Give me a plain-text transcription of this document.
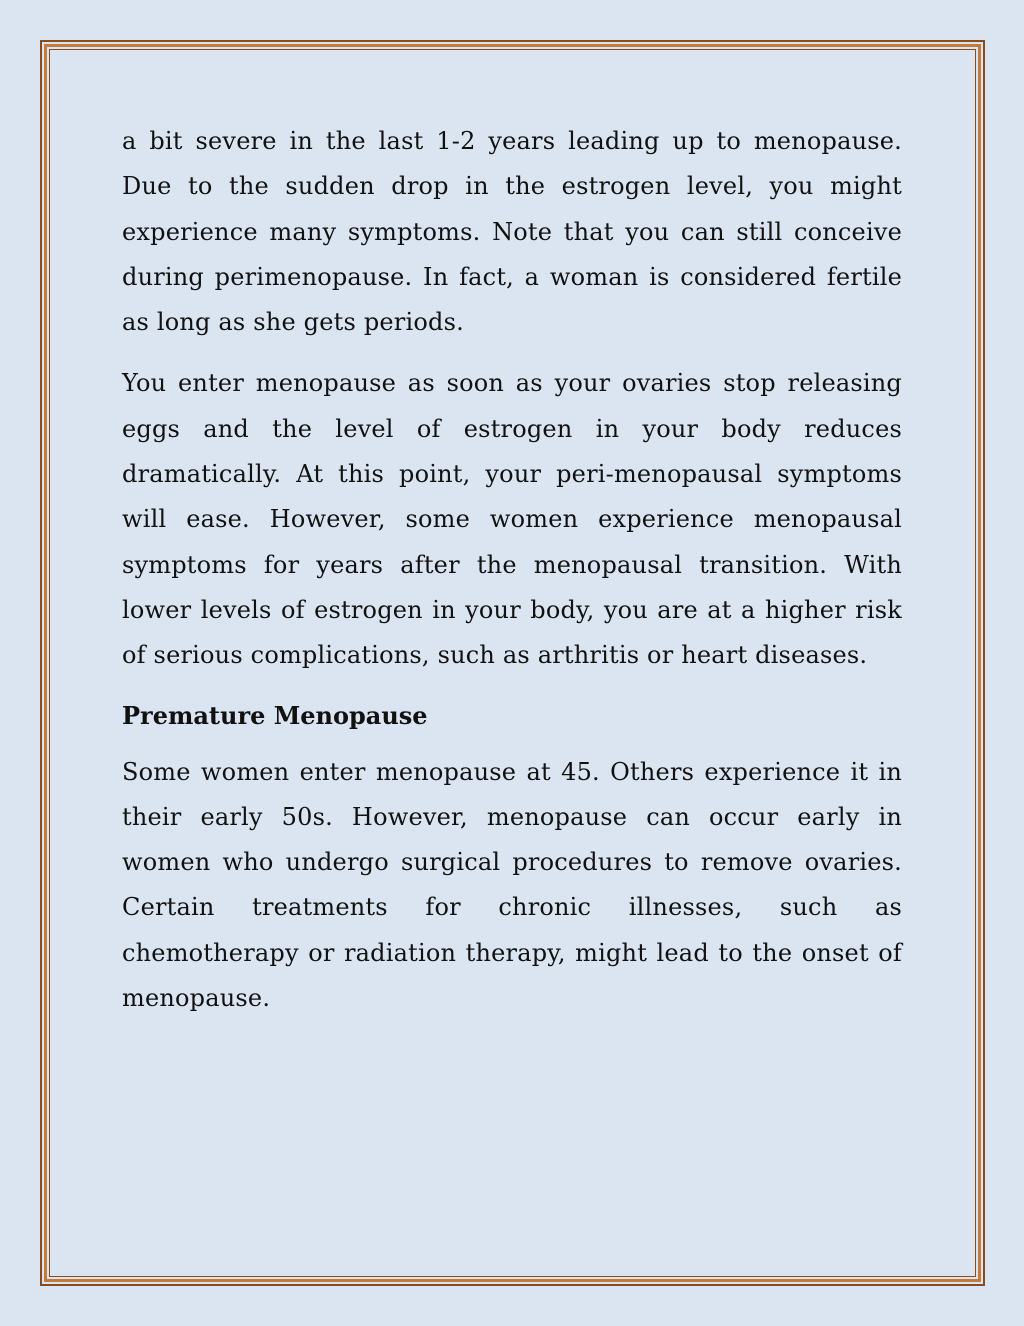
a bit severe in the last 1-2 years leading up to menopause. Due to the sudden drop in the estrogen level, you might experience many symptoms. Note that you can still conceive during perimenopause. In fact, a woman is considered fertile as long as she gets periods.

You enter menopause as soon as your ovaries stop releasing eggs and the level of estrogen in your body reduces dramatically. At this point, your peri-menopausal symptoms will ease. However, some women experience menopausal symptoms for years after the menopausal transition. With lower levels of estrogen in your body, you are at a higher risk of serious complications, such as arthritis or heart diseases.

Premature Menopause

Some women enter menopause at 45. Others experience it in their early 50s. However, menopause can occur early in women who undergo surgical procedures to remove ovaries. Certain treatments for chronic illnesses, such as chemotherapy or radiation therapy, might lead to the onset of menopause.
